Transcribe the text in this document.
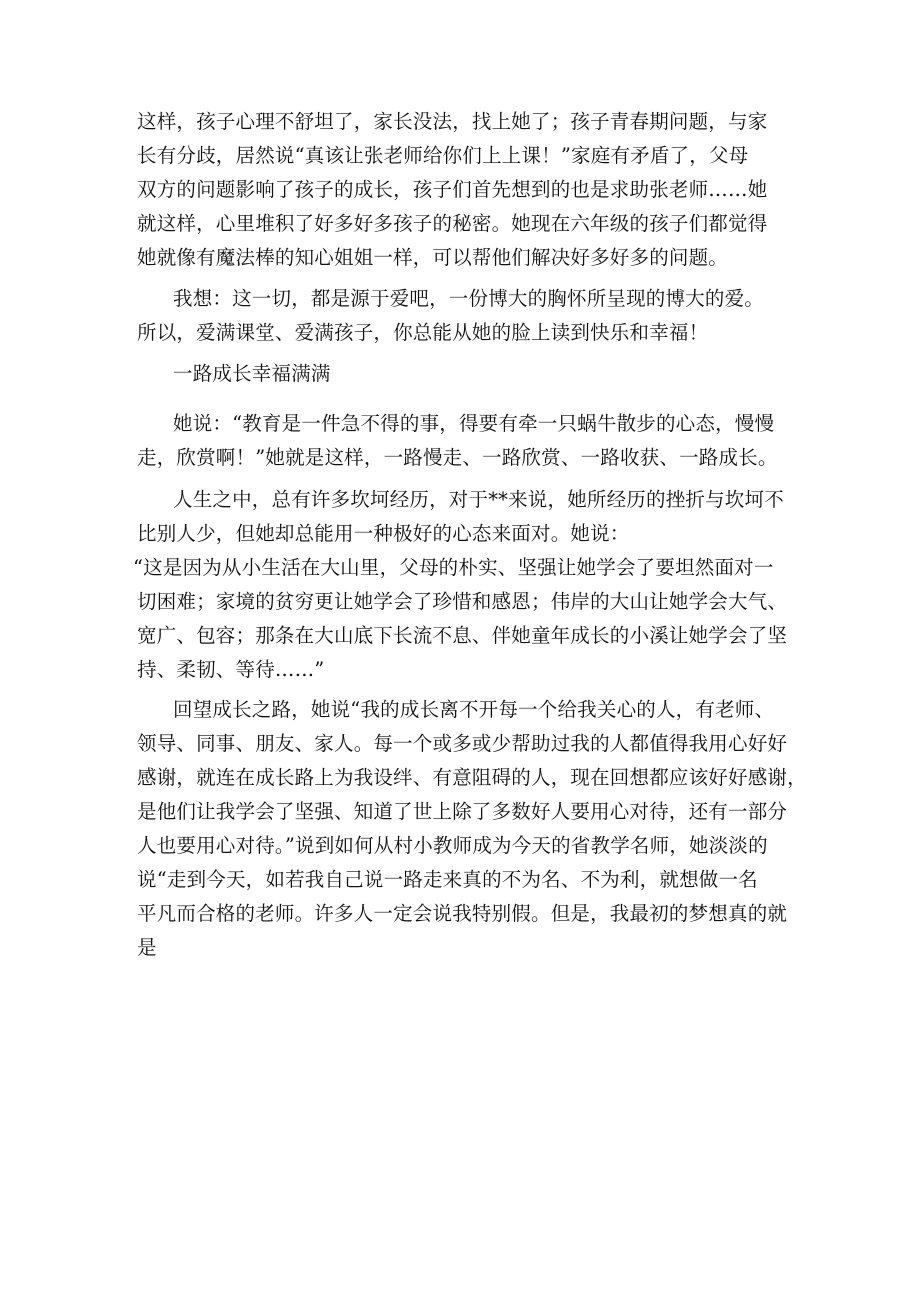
这样，孩子心理不舒坦了，家长没法，找上她了；孩子青春期问题，与家
长有分歧，居然说“真该让张老师给你们上上课！”家庭有矛盾了，父母
双方的问题影响了孩子的成长，孩子们首先想到的也是求助张老师……她
就这样，心里堆积了好多好多孩子的秘密。她现在六年级的孩子们都觉得
她就像有魔法棒的知心姐姐一样，可以帮他们解决好多好多的问题。
我想：这一切，都是源于爱吧，一份博大的胸怀所呈现的博大的爱。
所以，爱满课堂、爱满孩子，你总能从她的脸上读到快乐和幸福！
一路成长幸福满满
她说：“教育是一件急不得的事，得要有牵一只蜗牛散步的心态，慢慢
走，欣赏啊！”她就是这样，一路慢走、一路欣赏、一路收获、一路成长。
人生之中，总有许多坎坷经历，对于**来说，她所经历的挫折与坎坷不
比别人少，但她却总能用一种极好的心态来面对。她说：
“这是因为从小生活在大山里，父母的朴实、坚强让她学会了要坦然面对一
切困难；家境的贫穷更让她学会了珍惜和感恩；伟岸的大山让她学会大气、
宽广、包容；那条在大山底下长流不息、伴她童年成长的小溪让她学会了坚
持、柔韧、等待……”
回望成长之路，她说“我的成长离不开每一个给我关心的人，有老师、
领导、同事、朋友、家人。每一个或多或少帮助过我的人都值得我用心好好
感谢，就连在成长路上为我设绊、有意阻碍的人，现在回想都应该好好感谢，
是他们让我学会了坚强、知道了世上除了多数好人要用心对待，还有一部分
人也要用心对待。”说到如何从村小教师成为今天的省教学名师，她淡淡的
说“走到今天，如若我自己说一路走来真的不为名、不为利，就想做一名
平凡而合格的老师。许多人一定会说我特别假。但是，我最初的梦想真的就
是
